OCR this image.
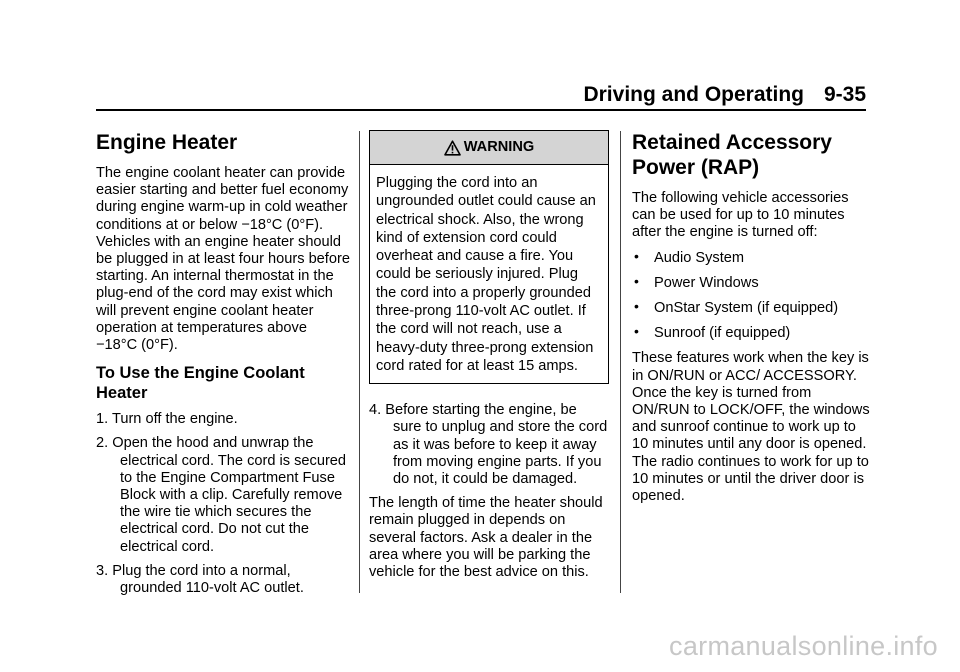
Driving and Operating 9-35
Engine Heater

The engine coolant heater can provide easier starting and better fuel economy during engine warm-up in cold weather conditions at or below −18°C (0°F). Vehicles with an engine heater should be plugged in at least four hours before starting. An internal thermostat in the plug-end of the cord may exist which will prevent engine coolant heater operation at temperatures above −18°C (0°F).

To Use the Engine Coolant Heater

1. Turn off the engine.

2. Open the hood and unwrap the electrical cord. The cord is secured to the Engine Compartment Fuse Block with a clip. Carefully remove the wire tie which secures the electrical cord. Do not cut the electrical cord.

3. Plug the cord into a normal, grounded 110-volt AC outlet.

WARNING
Plugging the cord into an ungrounded outlet could cause an electrical shock. Also, the wrong kind of extension cord could overheat and cause a fire. You could be seriously injured. Plug the cord into a properly grounded three-prong 110-volt AC outlet. If the cord will not reach, use a heavy-duty three-prong extension cord rated for at least 15 amps.

4. Before starting the engine, be sure to unplug and store the cord as it was before to keep it away from moving engine parts. If you do not, it could be damaged.

The length of time the heater should remain plugged in depends on several factors. Ask a dealer in the area where you will be parking the vehicle for the best advice on this.

Retained Accessory Power (RAP)

The following vehicle accessories can be used for up to 10 minutes after the engine is turned off:

• Audio System
• Power Windows
• OnStar System (if equipped)
• Sunroof (if equipped)

These features work when the key is in ON/RUN or ACC/ ACCESSORY. Once the key is turned from ON/RUN to LOCK/OFF, the windows and sunroof continue to work up to 10 minutes until any door is opened. The radio continues to work for up to 10 minutes or until the driver door is opened.

carmanualsonline.info
